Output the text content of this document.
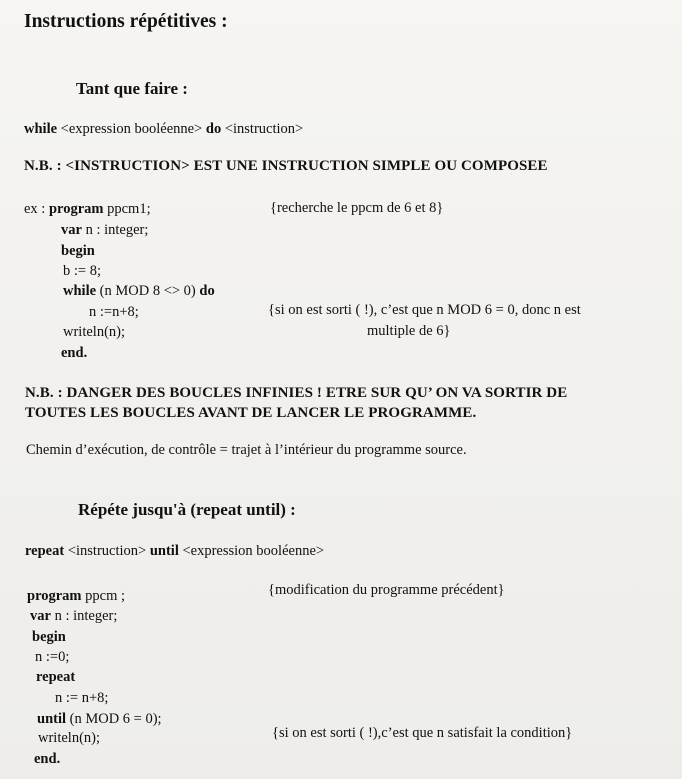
Instructions répétitives :
Tant que faire :
while <expression booléenne> do <instruction>
N.B. : <INSTRUCTION> EST UNE INSTRUCTION SIMPLE OU COMPOSEE
ex : program ppcm1;	{recherche le ppcm de 6 et 8}
var n : integer;
begin
b := 8;
while (n MOD 8 <> 0) do
n :=n+8;	{si on est sorti ( !), c’est que n MOD 6 = 0, donc n est
writeln(n);	multiple de 6}
end.
N.B. : DANGER DES BOUCLES INFINIES ! ETRE SUR QU’ ON VA SORTIR DE
TOUTES LES BOUCLES AVANT DE LANCER LE PROGRAMME.
Chemin d’exécution, de contrôle = trajet à l’intérieur du programme source.
Répéte jusqu'à (repeat until) :
repeat <instruction> until <expression booléenne>
program ppcm ;	{modification du programme précédent}
var n : integer;
begin
n :=0;
repeat
n := n+8;
until (n MOD 6 = 0);
writeln(n);	{si on est sorti ( !),c’est que n satisfait la condition}
end.
